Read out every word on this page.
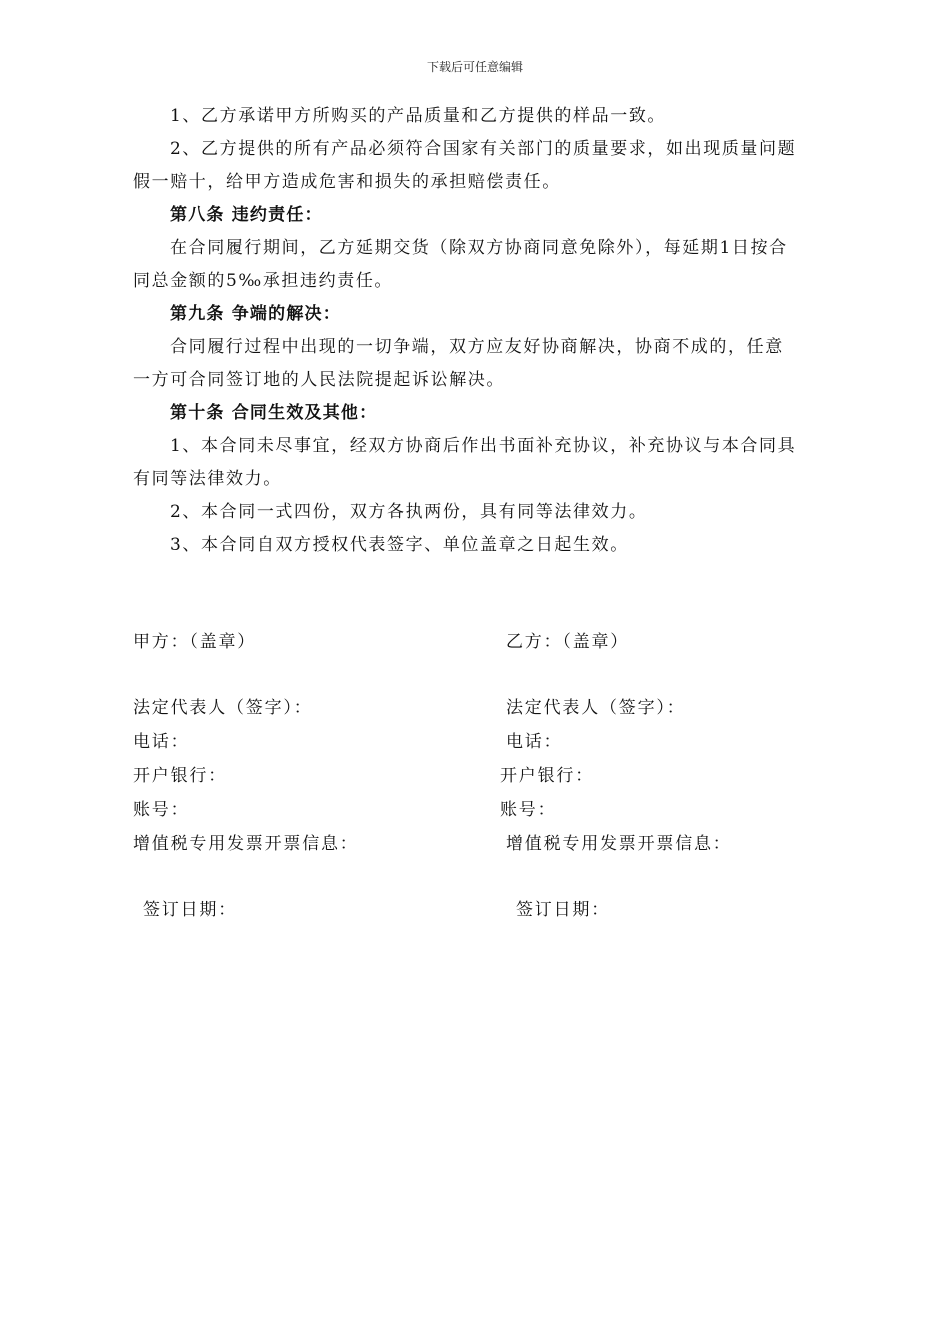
下载后可任意编辑
1、乙方承诺甲方所购买的产品质量和乙方提供的样品一致。
2、乙方提供的所有产品必须符合国家有关部门的质量要求，如出现质量问题
假一赔十，给甲方造成危害和损失的承担赔偿责任。
第八条 违约责任：
在合同履行期间，乙方延期交货（除双方协商同意免除外），每延期1日按合
同总金额的5‰承担违约责任。
第九条 争端的解决：
合同履行过程中出现的一切争端，双方应友好协商解决，协商不成的，任意
一方可合同签订地的人民法院提起诉讼解决。
第十条 合同生效及其他：
1、本合同未尽事宜，经双方协商后作出书面补充协议，补充协议与本合同具
有同等法律效力。
2、本合同一式四份，双方各执两份，具有同等法律效力。
3、本合同自双方授权代表签字、单位盖章之日起生效。
甲方：（盖章）
法定代表人（签字）：
电话：
开户银行：
账号：
增值税专用发票开票信息：
签订日期：
乙方：（盖章）
法定代表人（签字）：
电话：
开户银行：
账号：
增值税专用发票开票信息：
签订日期：
